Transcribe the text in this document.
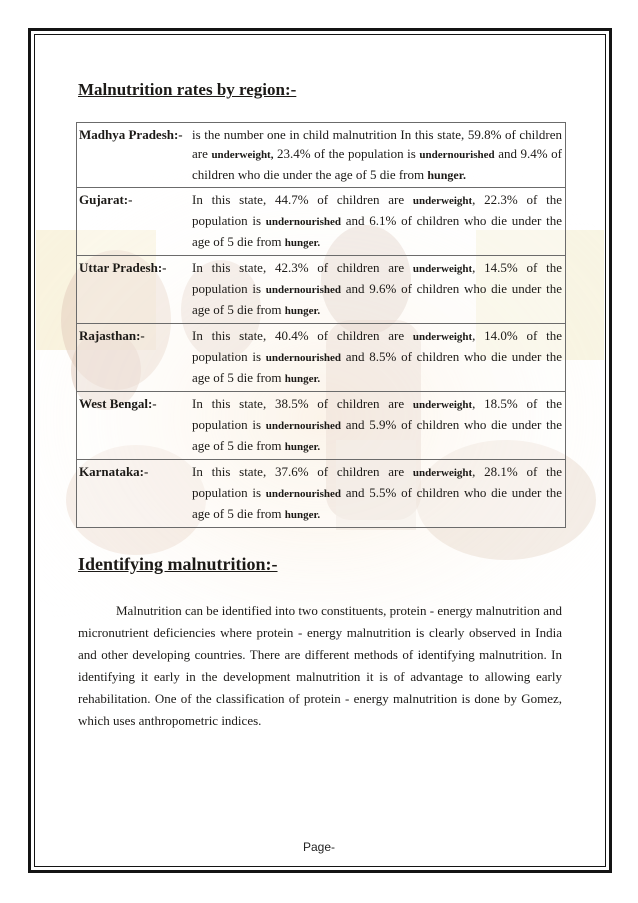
Malnutrition rates by region:-
Madhya Pradesh:- is the number one in child malnutrition In this state, 59.8% of children are underweight, 23.4% of the population is undernourished and 9.4% of children who die under the age of 5 die from hunger.

Gujarat:-	In this state, 44.7% of children are underweight, 22.3% of the population is undernourished and 6.1% of children who die under the age of 5 die from hunger.

Uttar Pradesh:- In this state, 42.3% of children are underweight, 14.5% of the population is undernourished and 9.6% of children who die under the age of 5 die from hunger.

Rajasthan:-	In this state, 40.4% of children are underweight, 14.0% of the population is undernourished and 8.5% of children who die under the age of 5 die from hunger.

West Bengal:-	In this state, 38.5% of children are underweight, 18.5% of the population is undernourished and 5.9% of children who die under the age of 5 die from hunger.

Karnataka:-	In this state, 37.6% of children are underweight, 28.1% of the population is undernourished and 5.5% of children who die under the age of 5 die from hunger.
Identifying malnutrition:-

Malnutrition can be identified into two constituents, protein - energy malnutrition and micronutrient deficiencies where protein - energy malnutrition is clearly observed in India and other developing countries. There are different methods of identifying malnutrition. In identifying it early in the development malnutrition it is of advantage to allowing early rehabilitation. One of the classification of protein - energy malnutrition is done by Gomez, which uses anthropometric indices.

Page-
